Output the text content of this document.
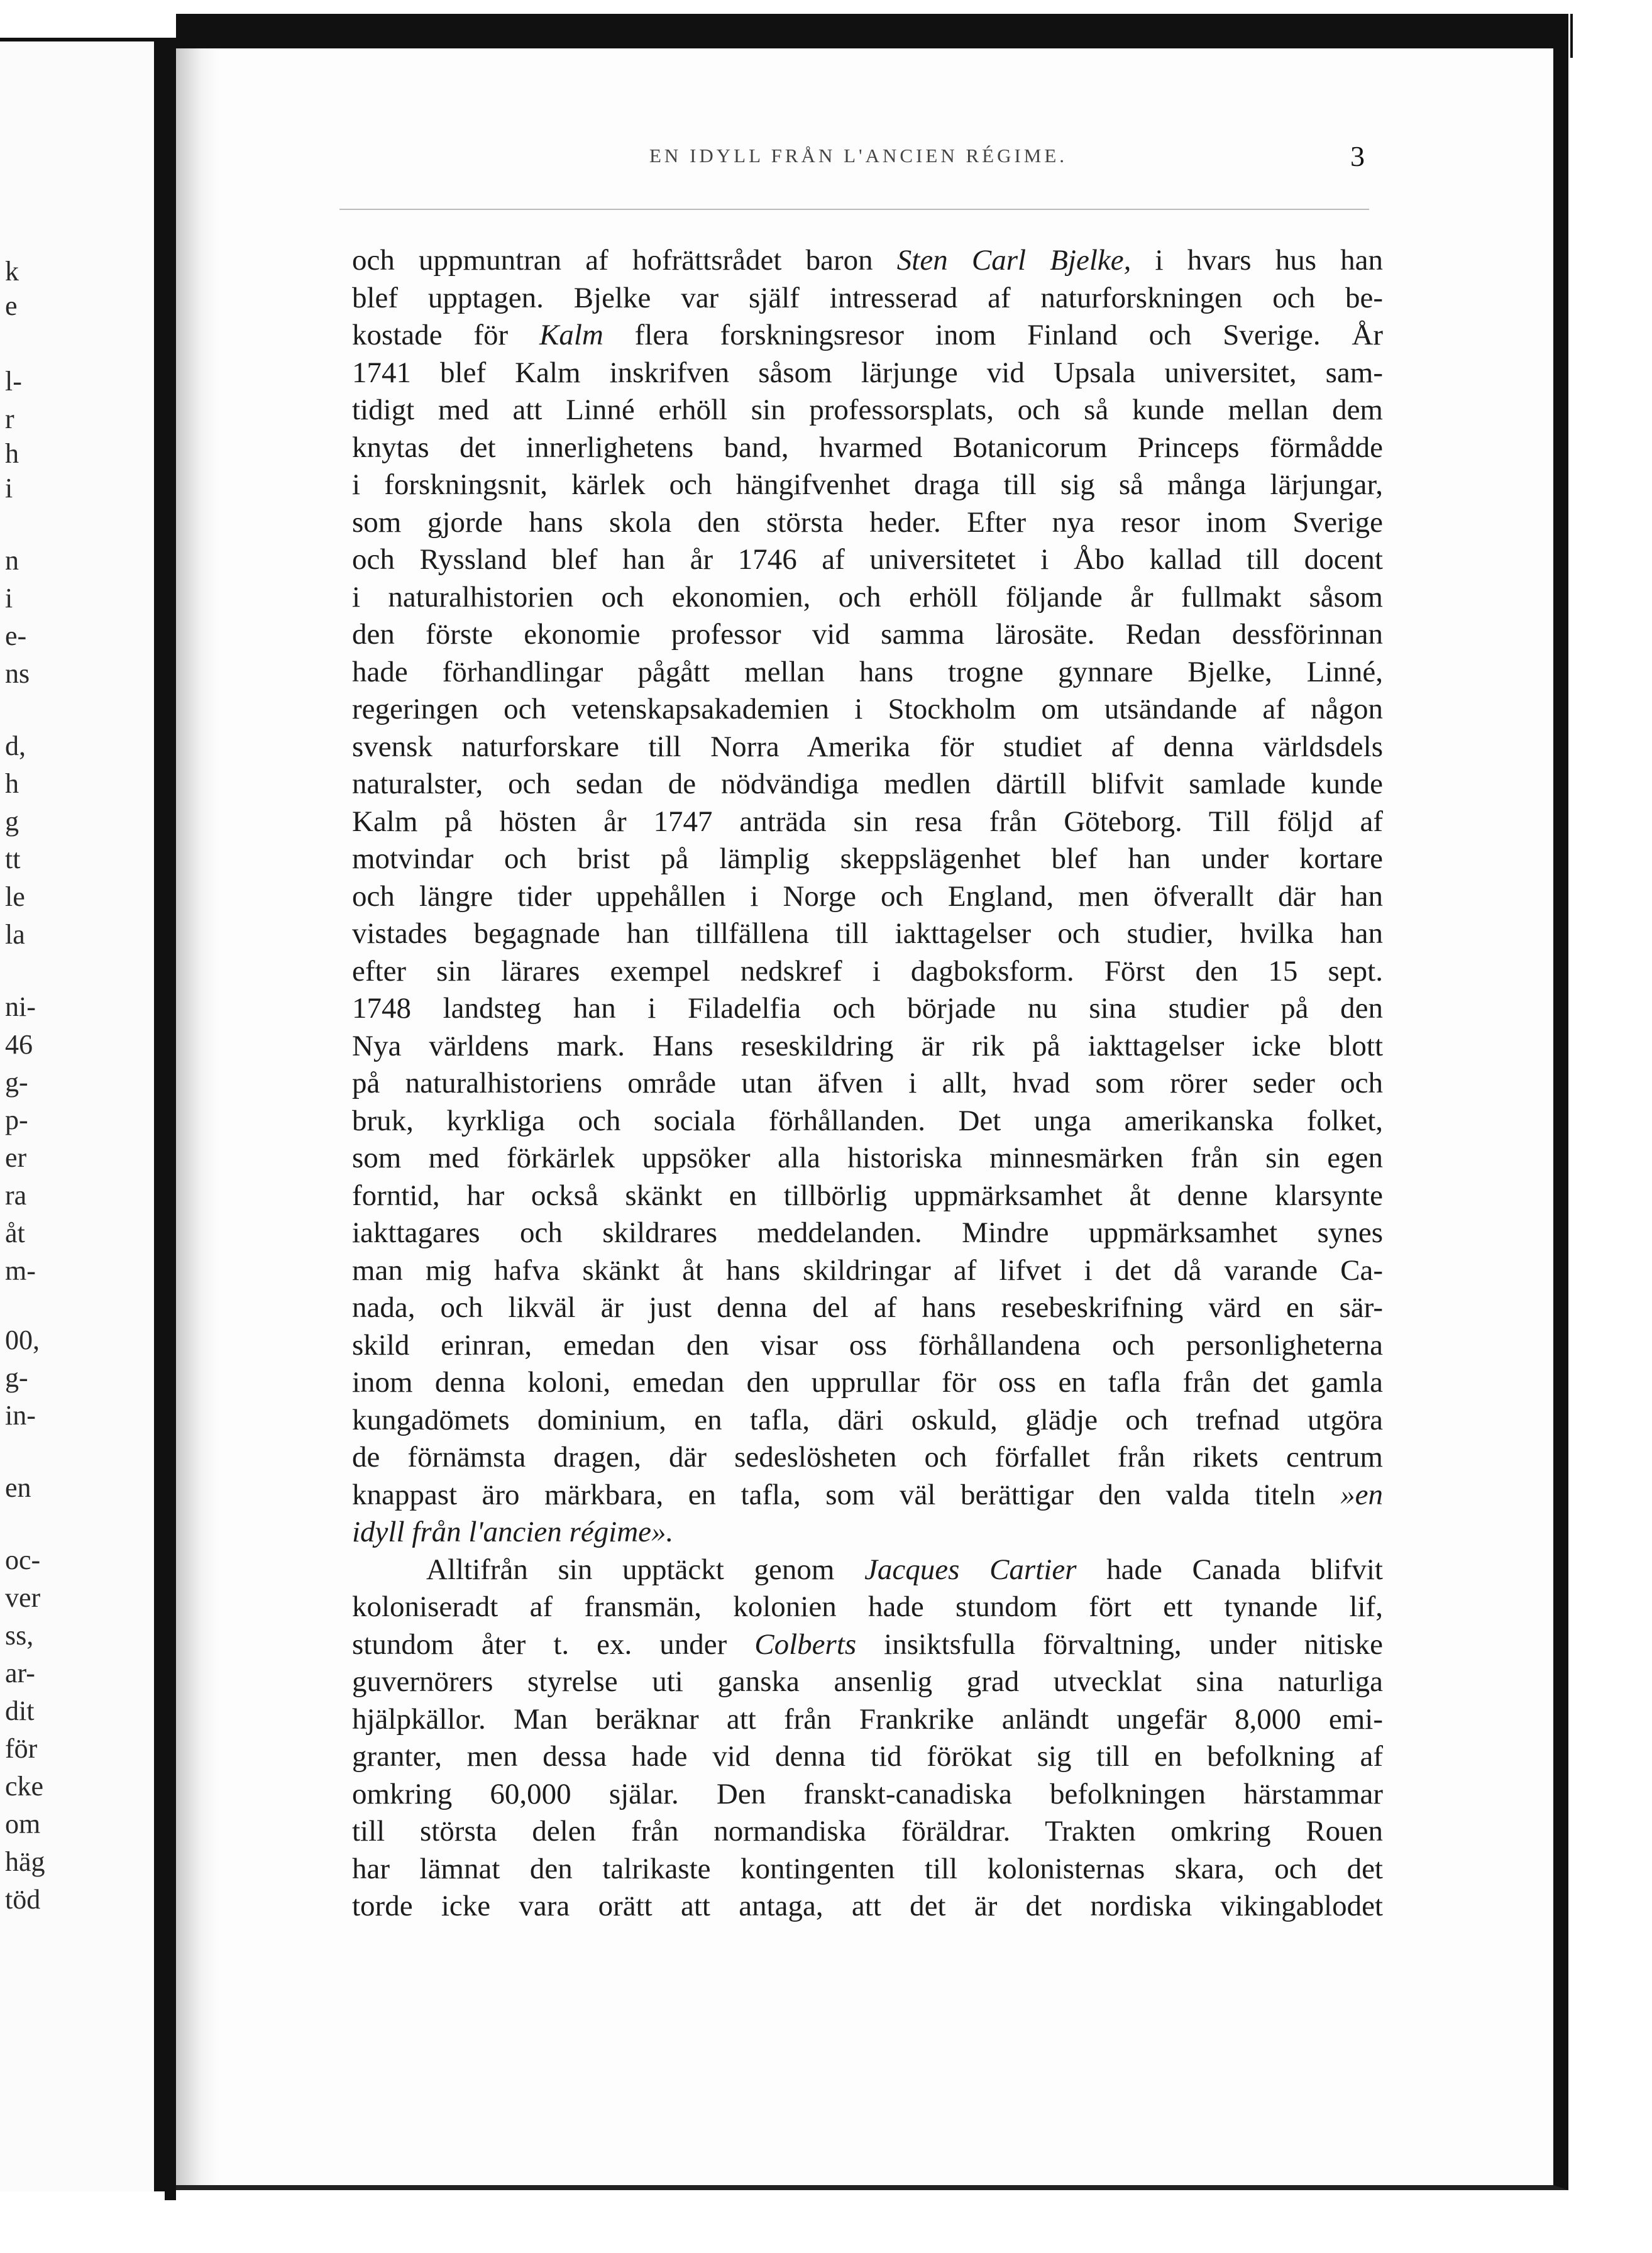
EN IDYLL FRÅN L'ANCIEN RÉGIME.	3
och uppmuntran af hofrättsrådet baron Sten Carl Bjelke, i hvars hus han
blef upptagen. Bjelke var själf intresserad af naturforskningen och be-
kostade för Kalm flera forskningsresor inom Finland och Sverige. År
1741 blef Kalm inskrifven såsom lärjunge vid Upsala universitet, sam-
tidigt med att Linné erhöll sin professorsplats, och så kunde mellan dem
knytas det innerlighetens band, hvarmed Botanicorum Princeps förmådde
i forskningsnit, kärlek och hängifvenhet draga till sig så många lärjungar,
som gjorde hans skola den största heder. Efter nya resor inom Sverige
och Ryssland blef han år 1746 af universitetet i Åbo kallad till docent
i naturalhistorien och ekonomien, och erhöll följande år fullmakt såsom
den förste ekonomie professor vid samma lärosäte. Redan dessförinnan
hade förhandlingar pågått mellan hans trogne gynnare Bjelke, Linné,
regeringen och vetenskapsakademien i Stockholm om utsändande af någon
svensk naturforskare till Norra Amerika för studiet af denna världsdels
naturalster, och sedan de nödvändiga medlen därtill blifvit samlade kunde
Kalm på hösten år 1747 anträda sin resa från Göteborg. Till följd af
motvindar och brist på lämplig skeppslägenhet blef han under kortare
och längre tider uppehållen i Norge och England, men öfverallt där han
vistades begagnade han tillfällena till iakttagelser och studier, hvilka han
efter sin lärares exempel nedskref i dagboksform. Först den 15 sept.
1748 landsteg han i Filadelfia och började nu sina studier på den
Nya världens mark. Hans reseskildring är rik på iakttagelser icke blott
på naturalhistoriens område utan äfven i allt, hvad som rörer seder och
bruk, kyrkliga och sociala förhållanden. Det unga amerikanska folket,
som med förkärlek uppsöker alla historiska minnesmärken från sin egen
forntid, har också skänkt en tillbörlig uppmärksamhet åt denne klarsynte
iakttagares och skildrares meddelanden. Mindre uppmärksamhet synes
man mig hafva skänkt åt hans skildringar af lifvet i det då varande Ca-
nada, och likväl är just denna del af hans resebeskrifning värd en sär-
skild erinran, emedan den visar oss förhållandena och personligheterna
inom denna koloni, emedan den upprullar för oss en tafla från det gamla
kungadömets dominium, en tafla, däri oskuld, glädje och trefnad utgöra
de förnämsta dragen, där sedeslösheten och förfallet från rikets centrum
knappast äro märkbara, en tafla, som väl berättigar den valda titeln »en
idyll från l'ancien régime».
Alltifrån sin upptäckt genom Jacques Cartier hade Canada blifvit
koloniseradt af fransmän, kolonien hade stundom fört ett tynande lif,
stundom åter t. ex. under Colberts insiktsfulla förvaltning, under nitiske
guvernörers styrelse uti ganska ansenlig grad utvecklat sina naturliga
hjälpkällor. Man beräknar att från Frankrike anländt ungefär 8,000 emi-
granter, men dessa hade vid denna tid förökat sig till en befolkning af
omkring 60,000 själar. Den franskt-canadiska befolkningen härstammar
till största delen från normandiska föräldrar. Trakten omkring Rouen
har lämnat den talrikaste kontingenten till kolonisternas skara, och det
torde icke vara orätt att antaga, att det är det nordiska vikingablodet
k
e
l-
r
h
i
n
i
e-
ns
d,
h
g
tt
le
la
ni-
46
g-
p-
er
ra
åt
m-
00,
g-
in-
en
oc-
ver
ss,
ar-
dit
för
cke
om
häg
töd
